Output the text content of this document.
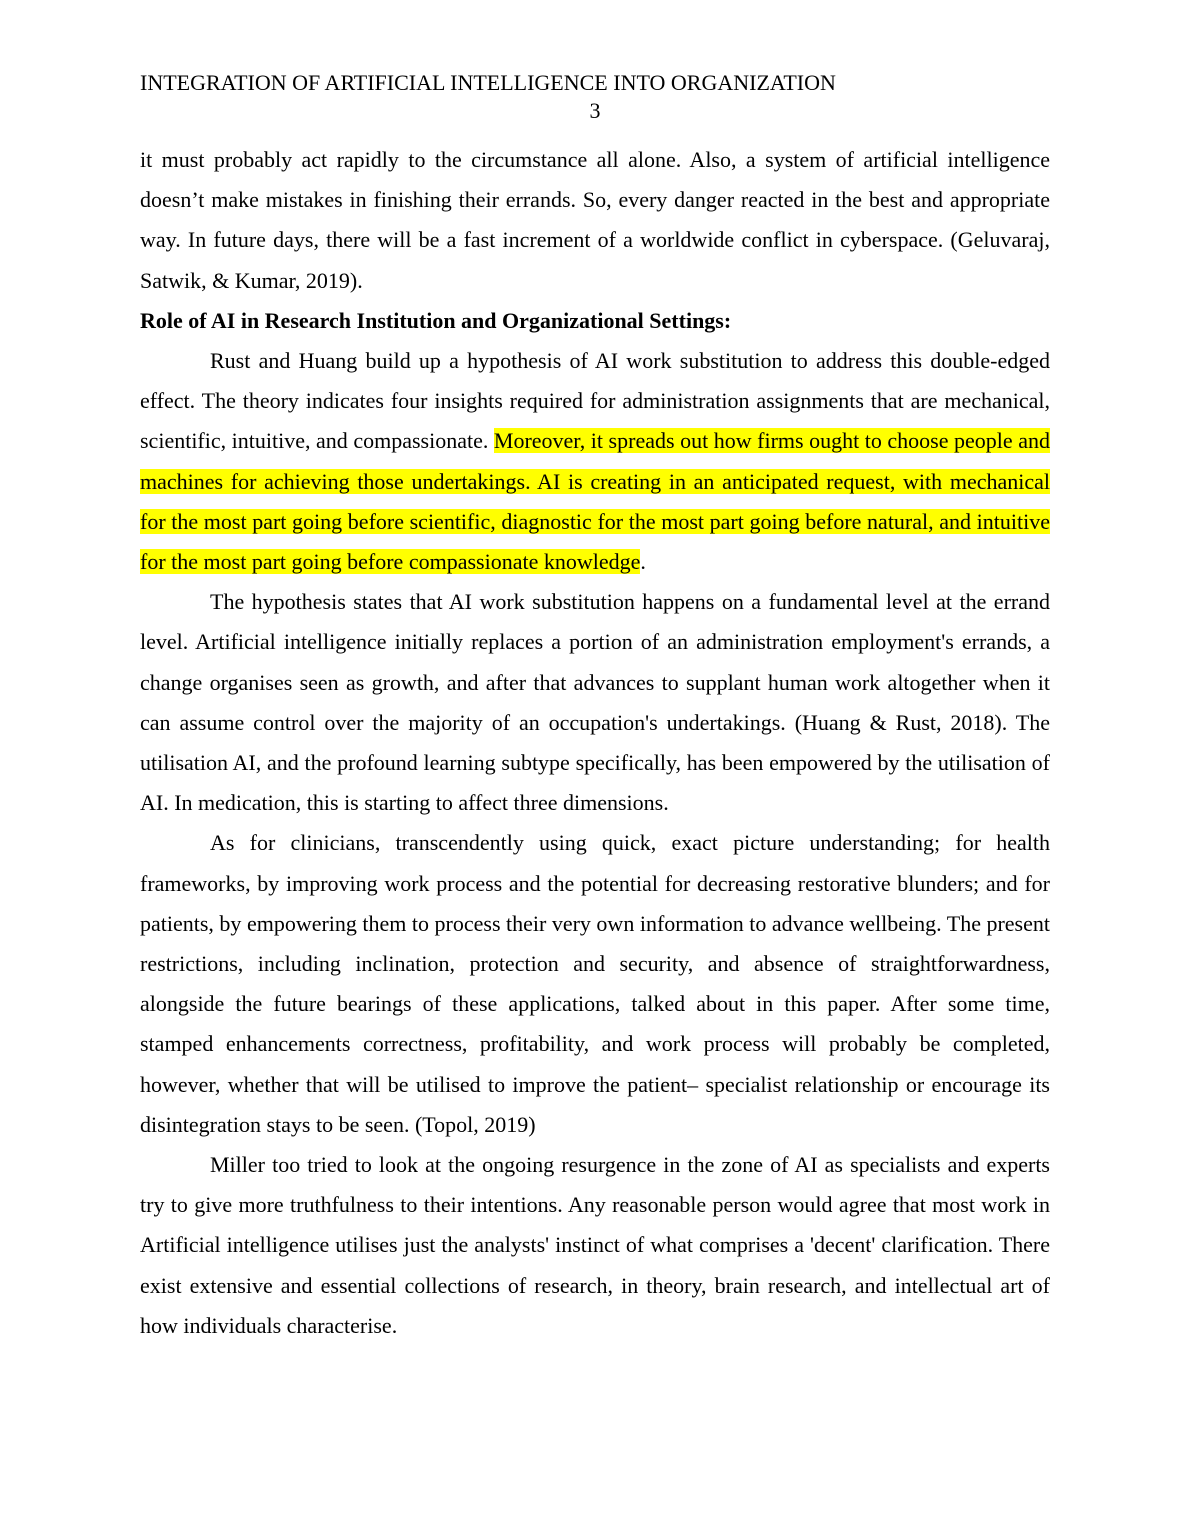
INTEGRATION OF ARTIFICIAL INTELLIGENCE INTO ORGANIZATION
3

it must probably act rapidly to the circumstance all alone. Also, a system of artificial intelligence doesn’t make mistakes in finishing their errands. So, every danger reacted in the best and appropriate way. In future days, there will be a fast increment of a worldwide conflict in cyberspace. (Geluvaraj, Satwik, & Kumar, 2019).

Role of AI in Research Institution and Organizational Settings:

Rust and Huang build up a hypothesis of AI work substitution to address this double-edged effect. The theory indicates four insights required for administration assignments that are mechanical, scientific, intuitive, and compassionate. Moreover, it spreads out how firms ought to choose people and machines for achieving those undertakings. AI is creating in an anticipated request, with mechanical for the most part going before scientific, diagnostic for the most part going before natural, and intuitive for the most part going before compassionate knowledge.

The hypothesis states that AI work substitution happens on a fundamental level at the errand level. Artificial intelligence initially replaces a portion of an administration employment's errands, a change organises seen as growth, and after that advances to supplant human work altogether when it can assume control over the majority of an occupation's undertakings. (Huang & Rust, 2018). The utilisation AI, and the profound learning subtype specifically, has been empowered by the utilisation of AI. In medication, this is starting to affect three dimensions.

As for clinicians, transcendently using quick, exact picture understanding; for health frameworks, by improving work process and the potential for decreasing restorative blunders; and for patients, by empowering them to process their very own information to advance wellbeing. The present restrictions, including inclination, protection and security, and absence of straightforwardness, alongside the future bearings of these applications, talked about in this paper. After some time, stamped enhancements correctness, profitability, and work process will probably be completed, however, whether that will be utilised to improve the patient– specialist relationship or encourage its disintegration stays to be seen. (Topol, 2019)

Miller too tried to look at the ongoing resurgence in the zone of AI as specialists and experts try to give more truthfulness to their intentions. Any reasonable person would agree that most work in Artificial intelligence utilises just the analysts' instinct of what comprises a 'decent' clarification. There exist extensive and essential collections of research, in theory, brain research, and intellectual art of how individuals characterise.
